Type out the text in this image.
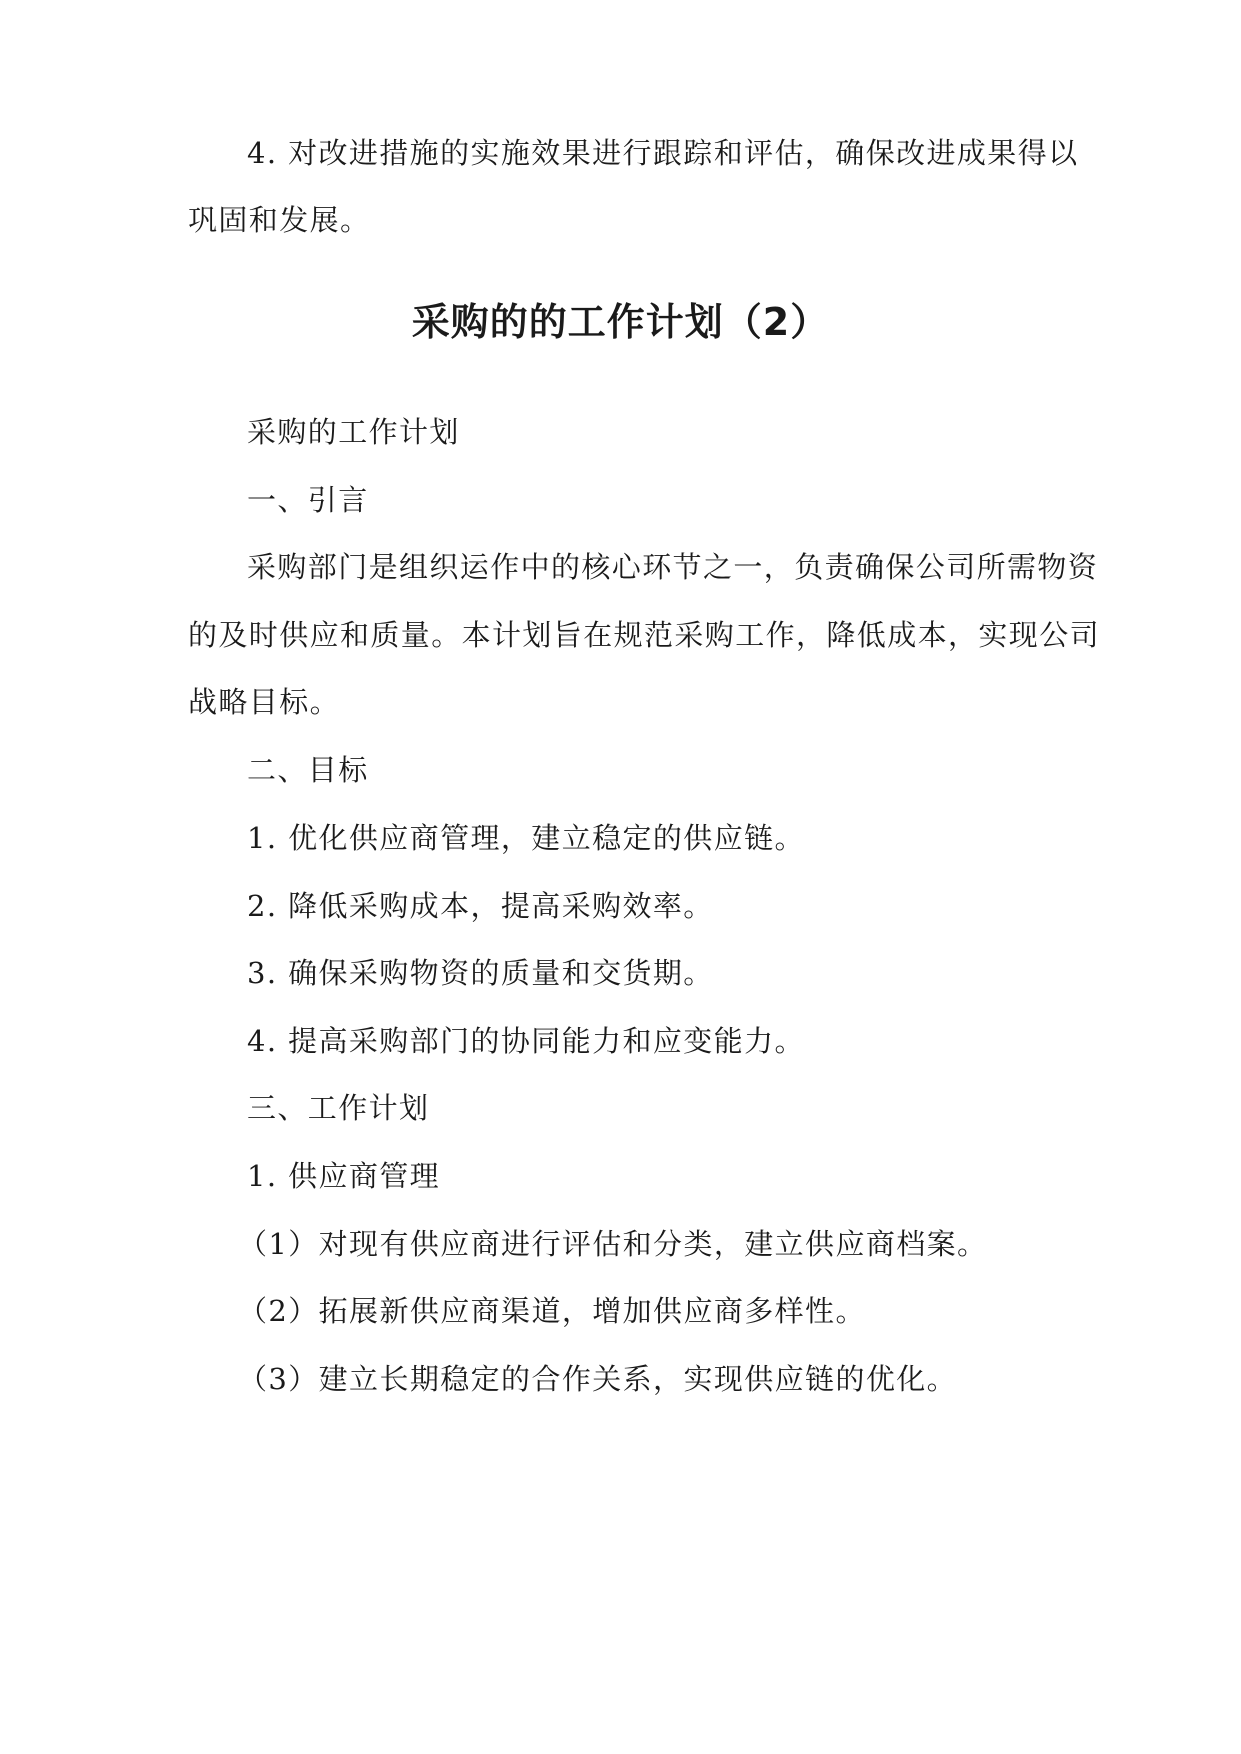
4. 对改进措施的实施效果进行跟踪和评估，确保改进成果得以
巩固和发展。
采购的的工作计划（2）
采购的工作计划
一、引言
采购部门是组织运作中的核心环节之一，负责确保公司所需物资
的及时供应和质量。本计划旨在规范采购工作，降低成本，实现公司
战略目标。
二、目标
1. 优化供应商管理，建立稳定的供应链。
2. 降低采购成本，提高采购效率。
3. 确保采购物资的质量和交货期。
4. 提高采购部门的协同能力和应变能力。
三、工作计划
1. 供应商管理
（1）对现有供应商进行评估和分类，建立供应商档案。
（2）拓展新供应商渠道，增加供应商多样性。
（3）建立长期稳定的合作关系，实现供应链的优化。
